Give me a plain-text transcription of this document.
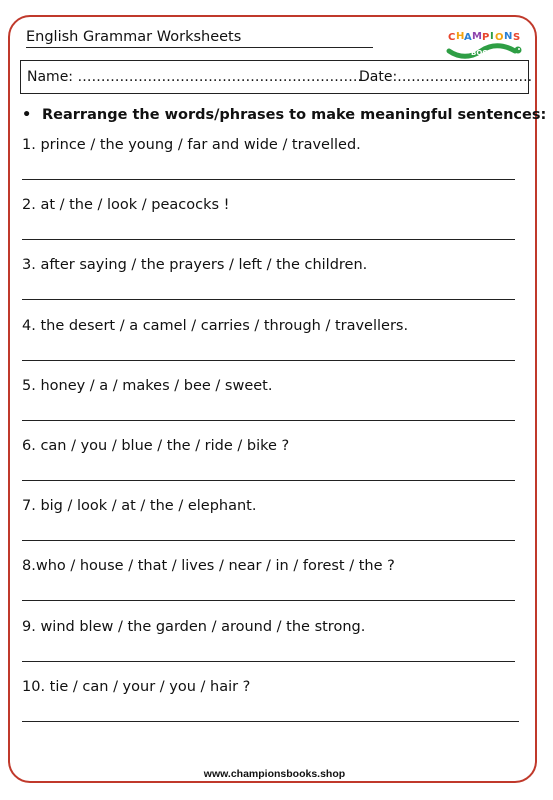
English Grammar Worksheets	C H A M P I O N S
BOOKS
Name: …………………………………………………….
Date:………………………..
• Rearrange the words/phrases to make meaningful sentences:
1. prince / the young / far and wide / travelled.
2. at / the / look / peacocks !
3. after saying / the prayers / left / the children.
4. the desert / a camel / carries / through / travellers.
5. honey / a / makes / bee / sweet.
6. can / you / blue / the / ride / bike ?
7. big / look / at / the / elephant.
8.who / house / that / lives / near / in / forest / the ?
9. wind blew / the garden / around / the strong.
10. tie / can / your / you / hair ?
www.championsbooks.shop
